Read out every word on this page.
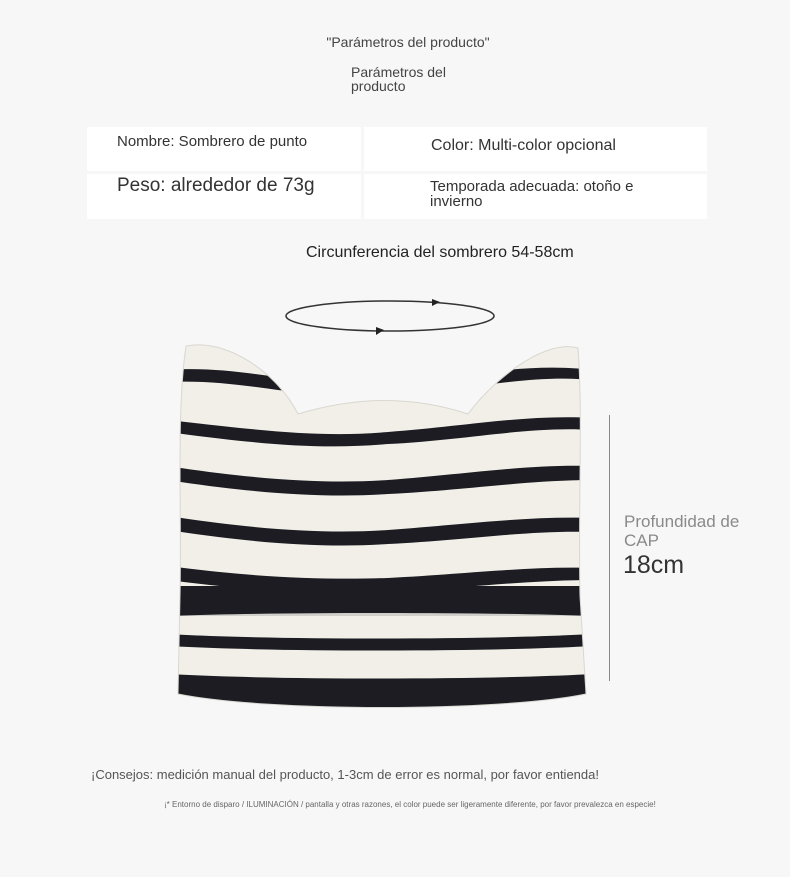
"Parámetros del producto"
Parámetros del producto
Nombre: Sombrero de punto	Color: Multi-color opcional
Peso: alrededor de 73g	Temporada adecuada: otoño e invierno
Circunferencia del sombrero 54-58cm
Profundidad de CAP
18cm
¡Consejos: medición manual del producto, 1-3cm de error es normal, por favor entienda!
¡* Entorno de disparo / ILUMINACIÓN / pantalla y otras razones, el color puede ser ligeramente diferente, por favor prevalezca en especie!
